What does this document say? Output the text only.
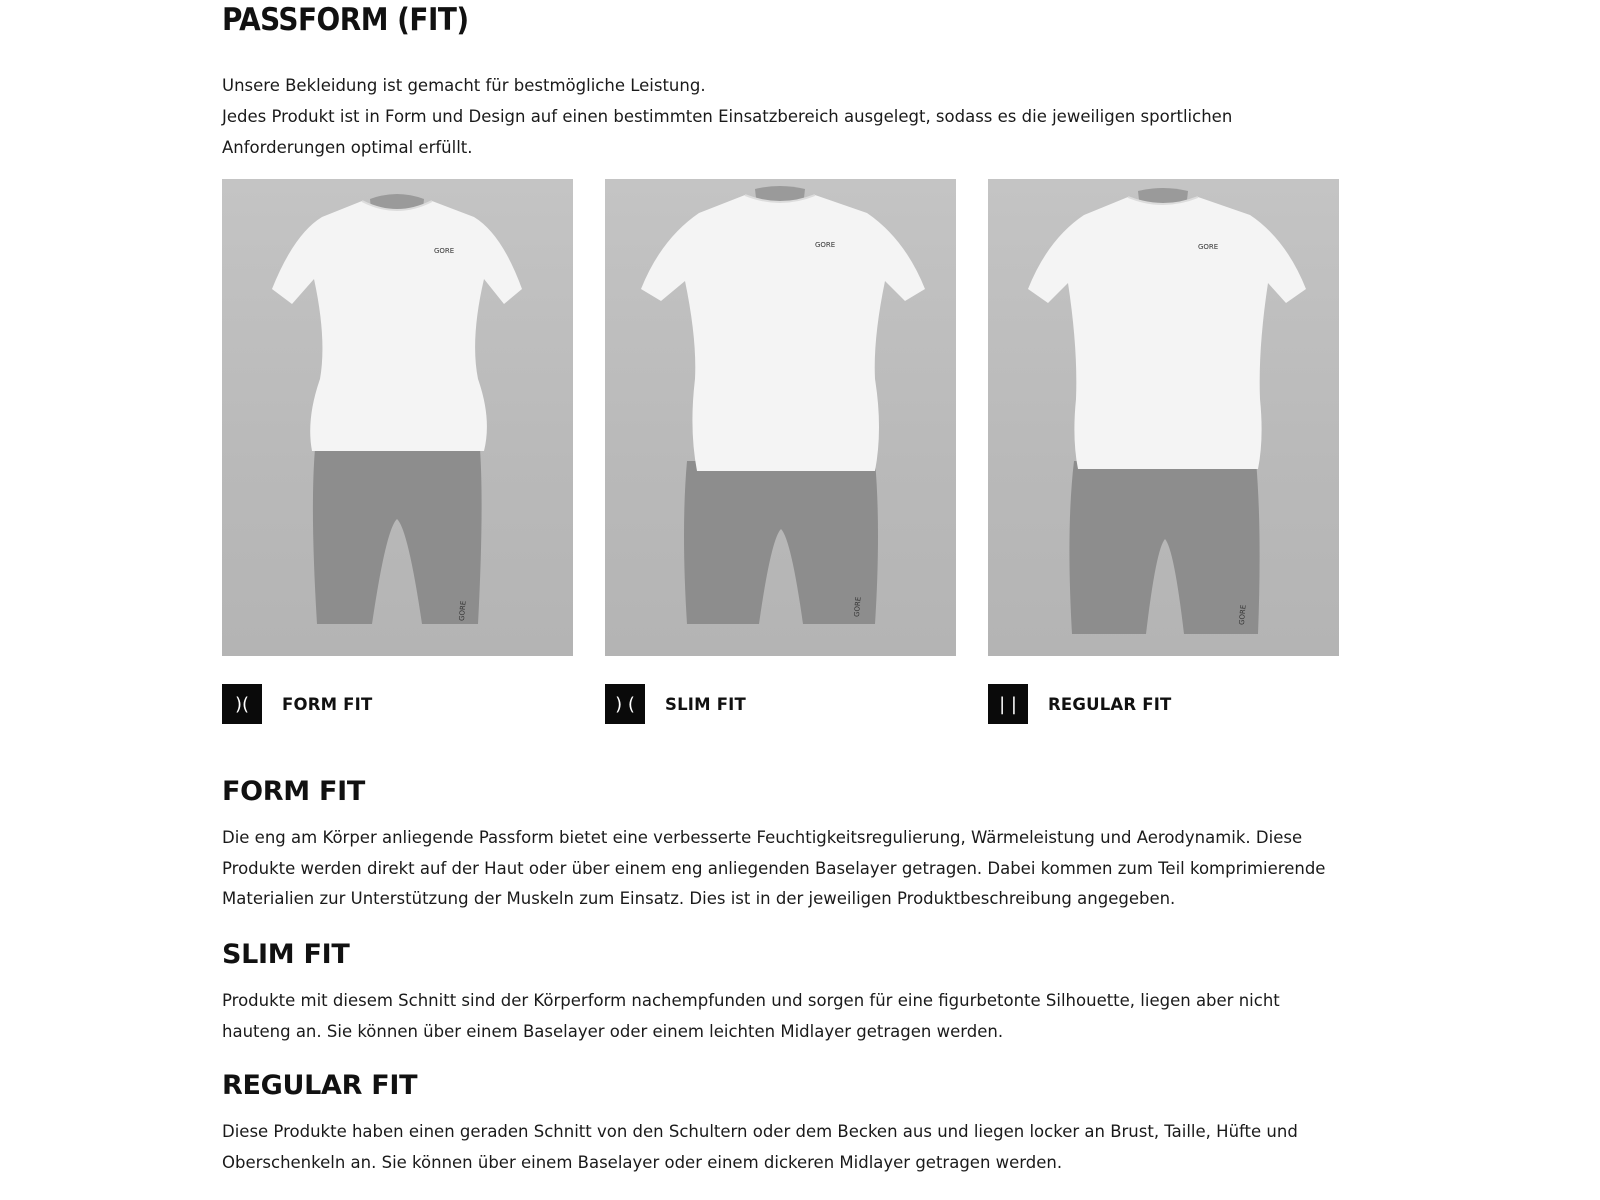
PASSFORM (FIT)

Unsere Bekleidung ist gemacht für bestmögliche Leistung.

Jedes Produkt ist in Form und Design auf einen bestimmten Einsatzbereich ausgelegt, sodass es die jeweiligen sportlichen Anforderungen optimal erfüllt.

GORE
GORE
)(	FORM FIT
GORE
GORE
) (	SLIM FIT
GORE
GORE
| |	REGULAR FIT
FORM FIT

Die eng am Körper anliegende Passform bietet eine verbesserte Feuchtigkeitsregulierung, Wärmeleistung und Aerodynamik. Diese Produkte werden direkt auf der Haut oder über einem eng anliegenden Baselayer getragen. Dabei kommen zum Teil komprimierende Materialien zur Unterstützung der Muskeln zum Einsatz. Dies ist in der jeweiligen Produktbeschreibung angegeben.

SLIM FIT

Produkte mit diesem Schnitt sind der Körperform nachempfunden und sorgen für eine figurbetonte Silhouette, liegen aber nicht hauteng an. Sie können über einem Baselayer oder einem leichten Midlayer getragen werden.

REGULAR FIT

Diese Produkte haben einen geraden Schnitt von den Schultern oder dem Becken aus und liegen locker an Brust, Taille, Hüfte und Oberschenkeln an. Sie können über einem Baselayer oder einem dickeren Midlayer getragen werden.
